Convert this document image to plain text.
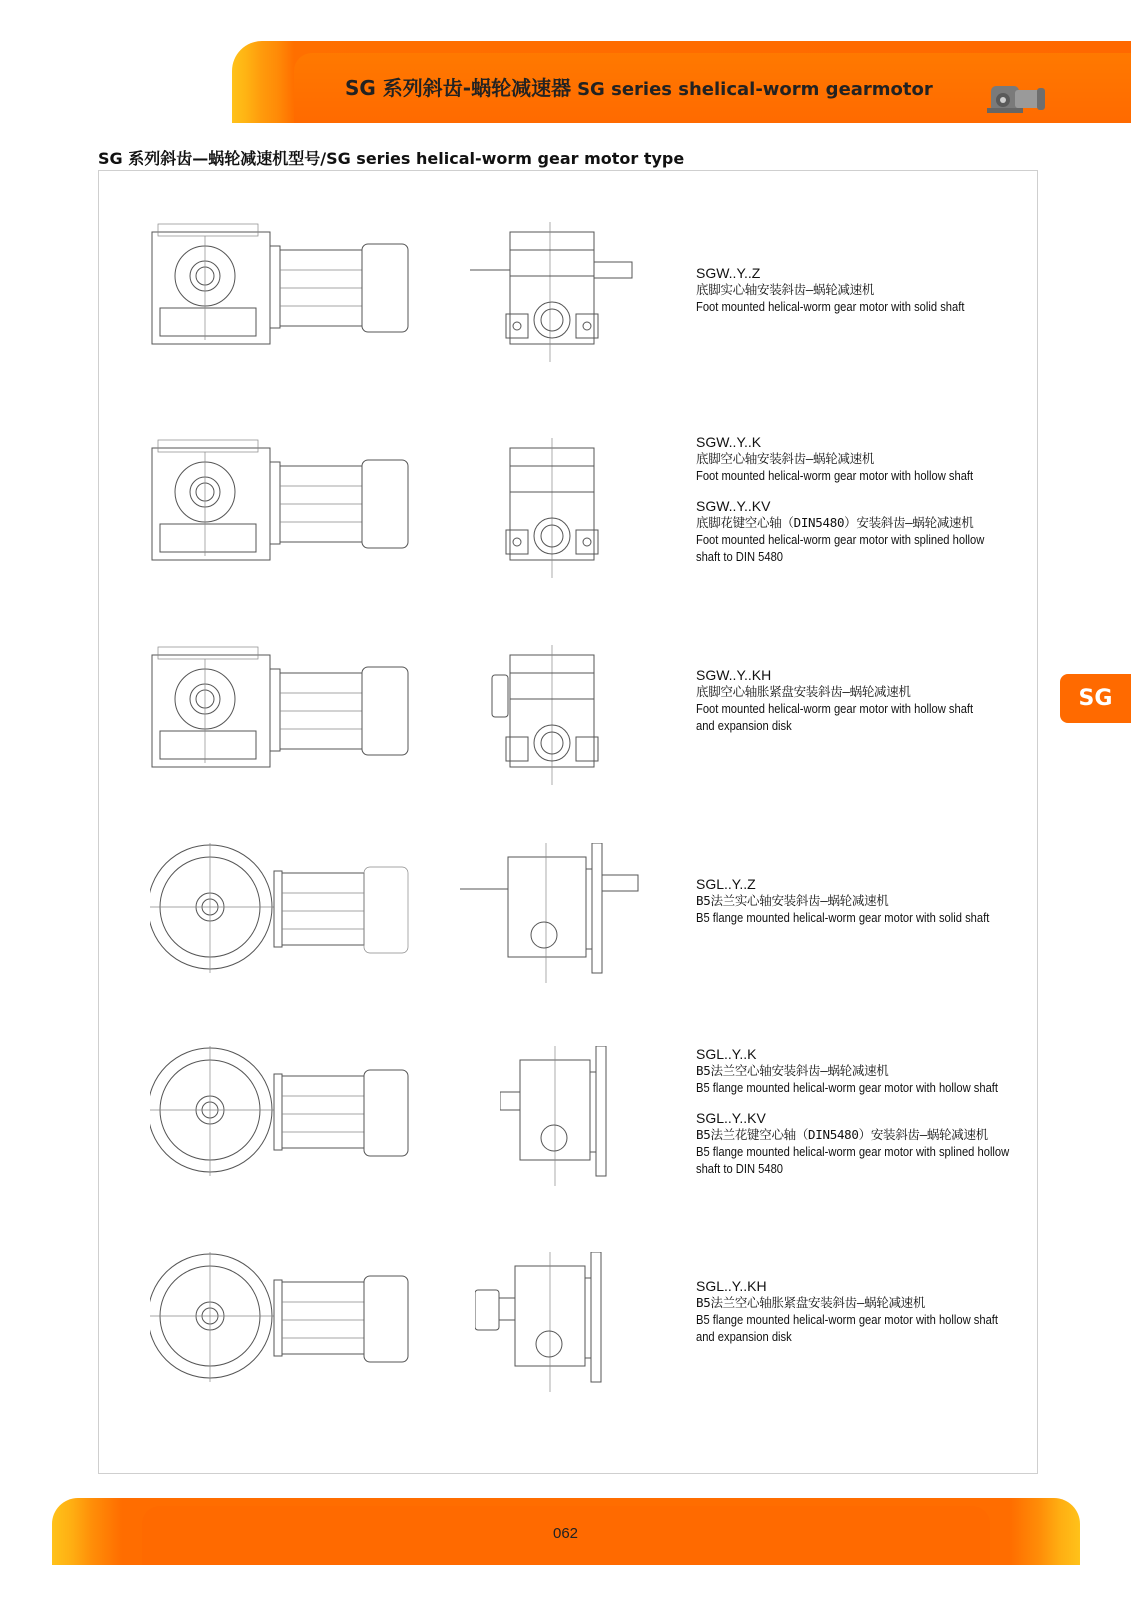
SG 系列斜齿-蜗轮减速器 SG series shelical-worm gearmotor
SG 系列斜齿—蜗轮减速机型号/SG series helical-worm gear motor type
SGW..Y..Z
底脚实心轴安装斜齿—蜗轮减速机
Foot mounted helical-worm gear motor with solid shaft
SGW..Y..K
底脚空心轴安装斜齿—蜗轮减速机
Foot mounted helical-worm gear motor with hollow shaft
SGW..Y..KV
底脚花键空心轴（DIN5480）安装斜齿—蜗轮减速机
Foot mounted helical-worm gear motor with splined hollow
shaft to DIN 5480
SGW..Y..KH
底脚空心轴胀紧盘安装斜齿—蜗轮减速机
Foot mounted helical-worm gear motor with hollow shaft
and expansion disk
SGL..Y..Z
B5法兰实心轴安装斜齿—蜗轮减速机
B5 flange mounted helical-worm gear motor with solid shaft
SGL..Y..K
B5法兰空心轴安装斜齿—蜗轮减速机
B5 flange mounted helical-worm gear motor with hollow shaft
SGL..Y..KV
B5法兰花键空心轴（DIN5480）安装斜齿—蜗轮减速机
B5 flange mounted helical-worm gear motor with splined hollow
shaft to DIN 5480
SGL..Y..KH
B5法兰空心轴胀紧盘安装斜齿—蜗轮减速机
B5 flange mounted helical-worm gear motor with hollow shaft
and expansion disk
SG
062
